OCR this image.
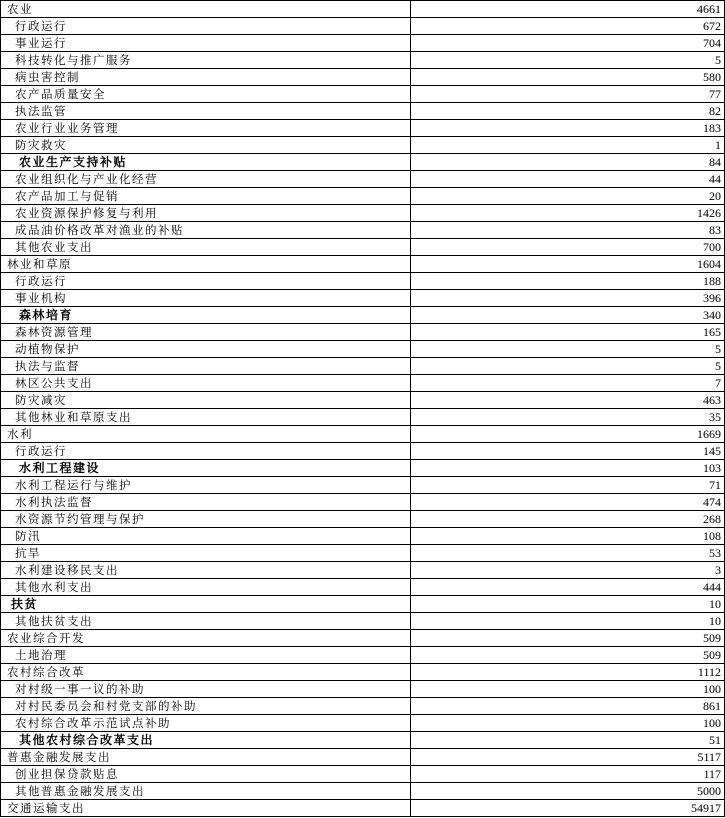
农业	4661
行政运行	672
事业运行	704
科技转化与推广服务	5
病虫害控制	580
农产品质量安全	77
执法监管	82
农业行业业务管理	183
防灾救灾	1
农业生产支持补贴	84
农业组织化与产业化经营	44
农产品加工与促销	20
农业资源保护修复与利用	1426
成品油价格改革对渔业的补贴	83
其他农业支出	700
林业和草原	1604
行政运行	188
事业机构	396
森林培育	340
森林资源管理	165
动植物保护	5
执法与监督	5
林区公共支出	7
防灾减灾	463
其他林业和草原支出	35
水利	1669
行政运行	145
水利工程建设	103
水利工程运行与维护	71
水利执法监督	474
水资源节约管理与保护	268
防汛	108
抗旱	53
水利建设移民支出	3
其他水利支出	444
扶贫	10
其他扶贫支出	10
农业综合开发	509
土地治理	509
农村综合改革	1112
对村级一事一议的补助	100
对村民委员会和村党支部的补助	861
农村综合改革示范试点补助	100
其他农村综合改革支出	51
普惠金融发展支出	5117
创业担保贷款贴息	117
其他普惠金融发展支出	5000
交通运输支出	54917
